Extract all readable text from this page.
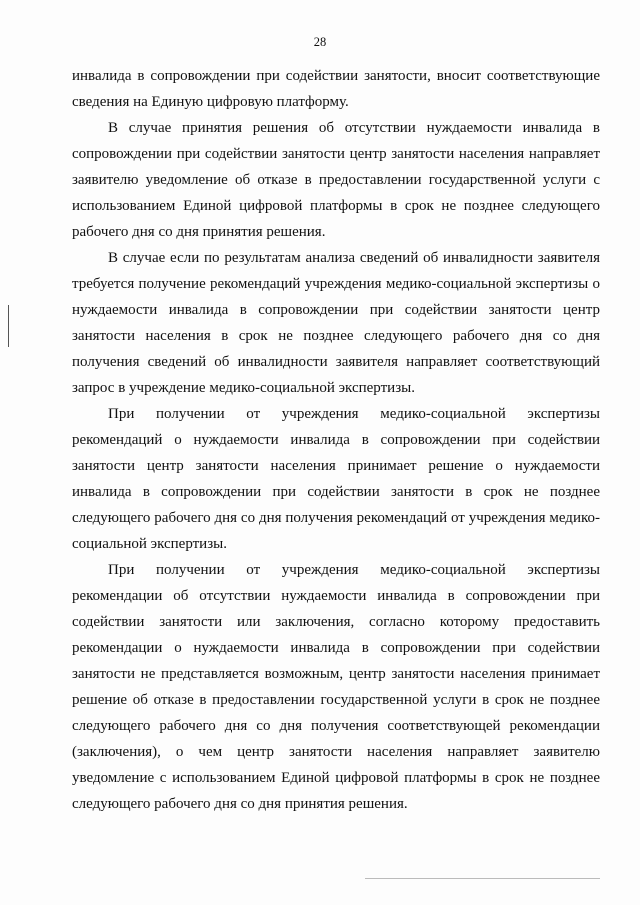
28

инвалида в сопровождении при содействии занятости, вносит соответствующие сведения на Единую цифровую платформу.

В случае принятия решения об отсутствии нуждаемости инвалида в сопровождении при содействии занятости центр занятости населения направляет заявителю уведомление об отказе в предоставлении государственной услуги с использованием Единой цифровой платформы в срок не позднее следующего рабочего дня со дня принятия решения.

В случае если по результатам анализа сведений об инвалидности заявителя требуется получение рекомендаций учреждения медико-социальной экспертизы о нуждаемости инвалида в сопровождении при содействии занятости центр занятости населения в срок не позднее следующего рабочего дня со дня получения сведений об инвалидности заявителя направляет соответствующий запрос в учреждение медико-социальной экспертизы.

При получении от учреждения медико-социальной экспертизы рекомендаций о нуждаемости инвалида в сопровождении при содействии занятости центр занятости населения принимает решение о нуждаемости инвалида в сопровождении при содействии занятости в срок не позднее следующего рабочего дня со дня получения рекомендаций от учреждения медико-социальной экспертизы.

При получении от учреждения медико-социальной экспертизы рекомендации об отсутствии нуждаемости инвалида в сопровождении при содействии занятости или заключения, согласно которому предоставить рекомендации о нуждаемости инвалида в сопровождении при содействии занятости не представляется возможным, центр занятости населения принимает решение об отказе в предоставлении государственной услуги в срок не позднее следующего рабочего дня со дня получения соответствующей рекомендации (заключения), о чем центр занятости населения направляет заявителю уведомление с использованием Единой цифровой платформы в срок не позднее следующего рабочего дня со дня принятия решения.
